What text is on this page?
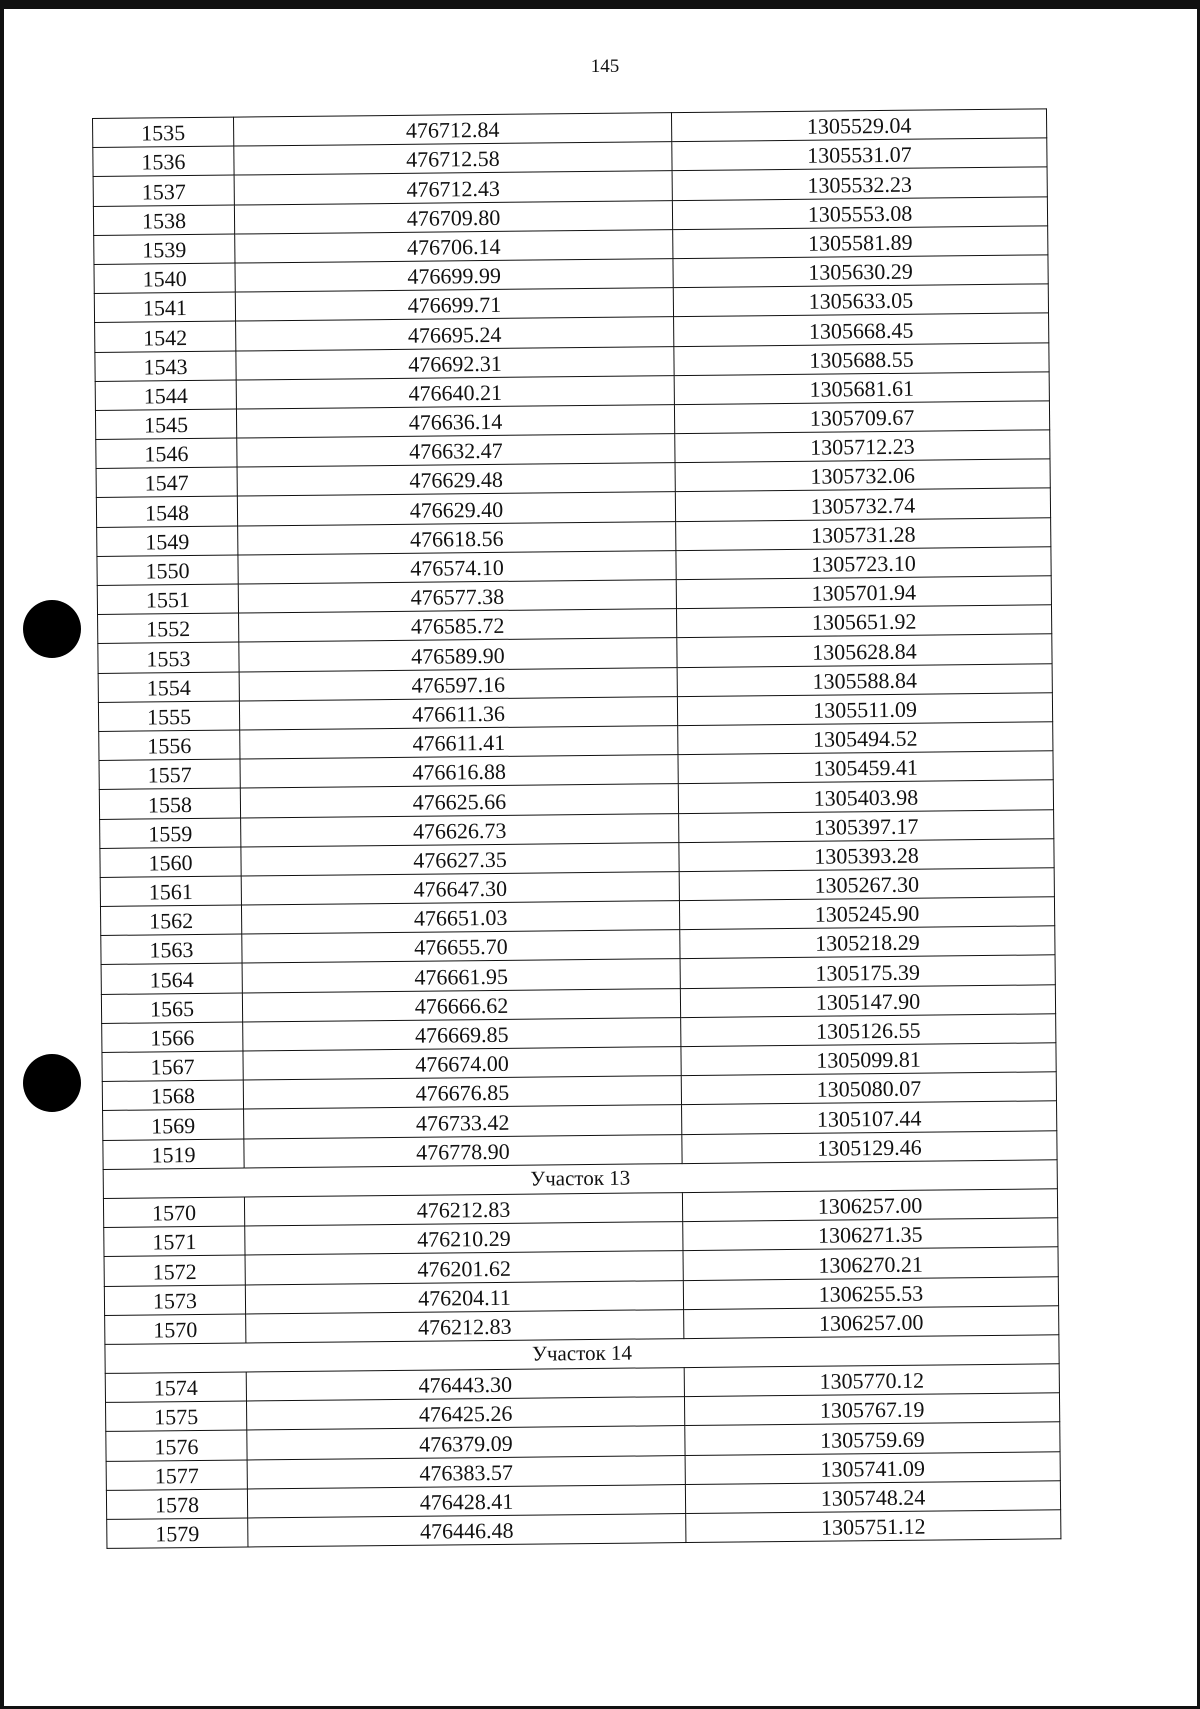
145
1535	476712.84	1305529.04
1536	476712.58	1305531.07
1537	476712.43	1305532.23
1538	476709.80	1305553.08
1539	476706.14	1305581.89
1540	476699.99	1305630.29
1541	476699.71	1305633.05
1542	476695.24	1305668.45
1543	476692.31	1305688.55
1544	476640.21	1305681.61
1545	476636.14	1305709.67
1546	476632.47	1305712.23
1547	476629.48	1305732.06
1548	476629.40	1305732.74
1549	476618.56	1305731.28
1550	476574.10	1305723.10
1551	476577.38	1305701.94
1552	476585.72	1305651.92
1553	476589.90	1305628.84
1554	476597.16	1305588.84
1555	476611.36	1305511.09
1556	476611.41	1305494.52
1557	476616.88	1305459.41
1558	476625.66	1305403.98
1559	476626.73	1305397.17
1560	476627.35	1305393.28
1561	476647.30	1305267.30
1562	476651.03	1305245.90
1563	476655.70	1305218.29
1564	476661.95	1305175.39
1565	476666.62	1305147.90
1566	476669.85	1305126.55
1567	476674.00	1305099.81
1568	476676.85	1305080.07
1569	476733.42	1305107.44
1519	476778.90	1305129.46
Участок 13		
1570	476212.83	1306257.00
1571	476210.29	1306271.35
1572	476201.62	1306270.21
1573	476204.11	1306255.53
1570	476212.83	1306257.00
Участок 14		
1574	476443.30	1305770.12
1575	476425.26	1305767.19
1576	476379.09	1305759.69
1577	476383.57	1305741.09
1578	476428.41	1305748.24
1579	476446.48	1305751.12
